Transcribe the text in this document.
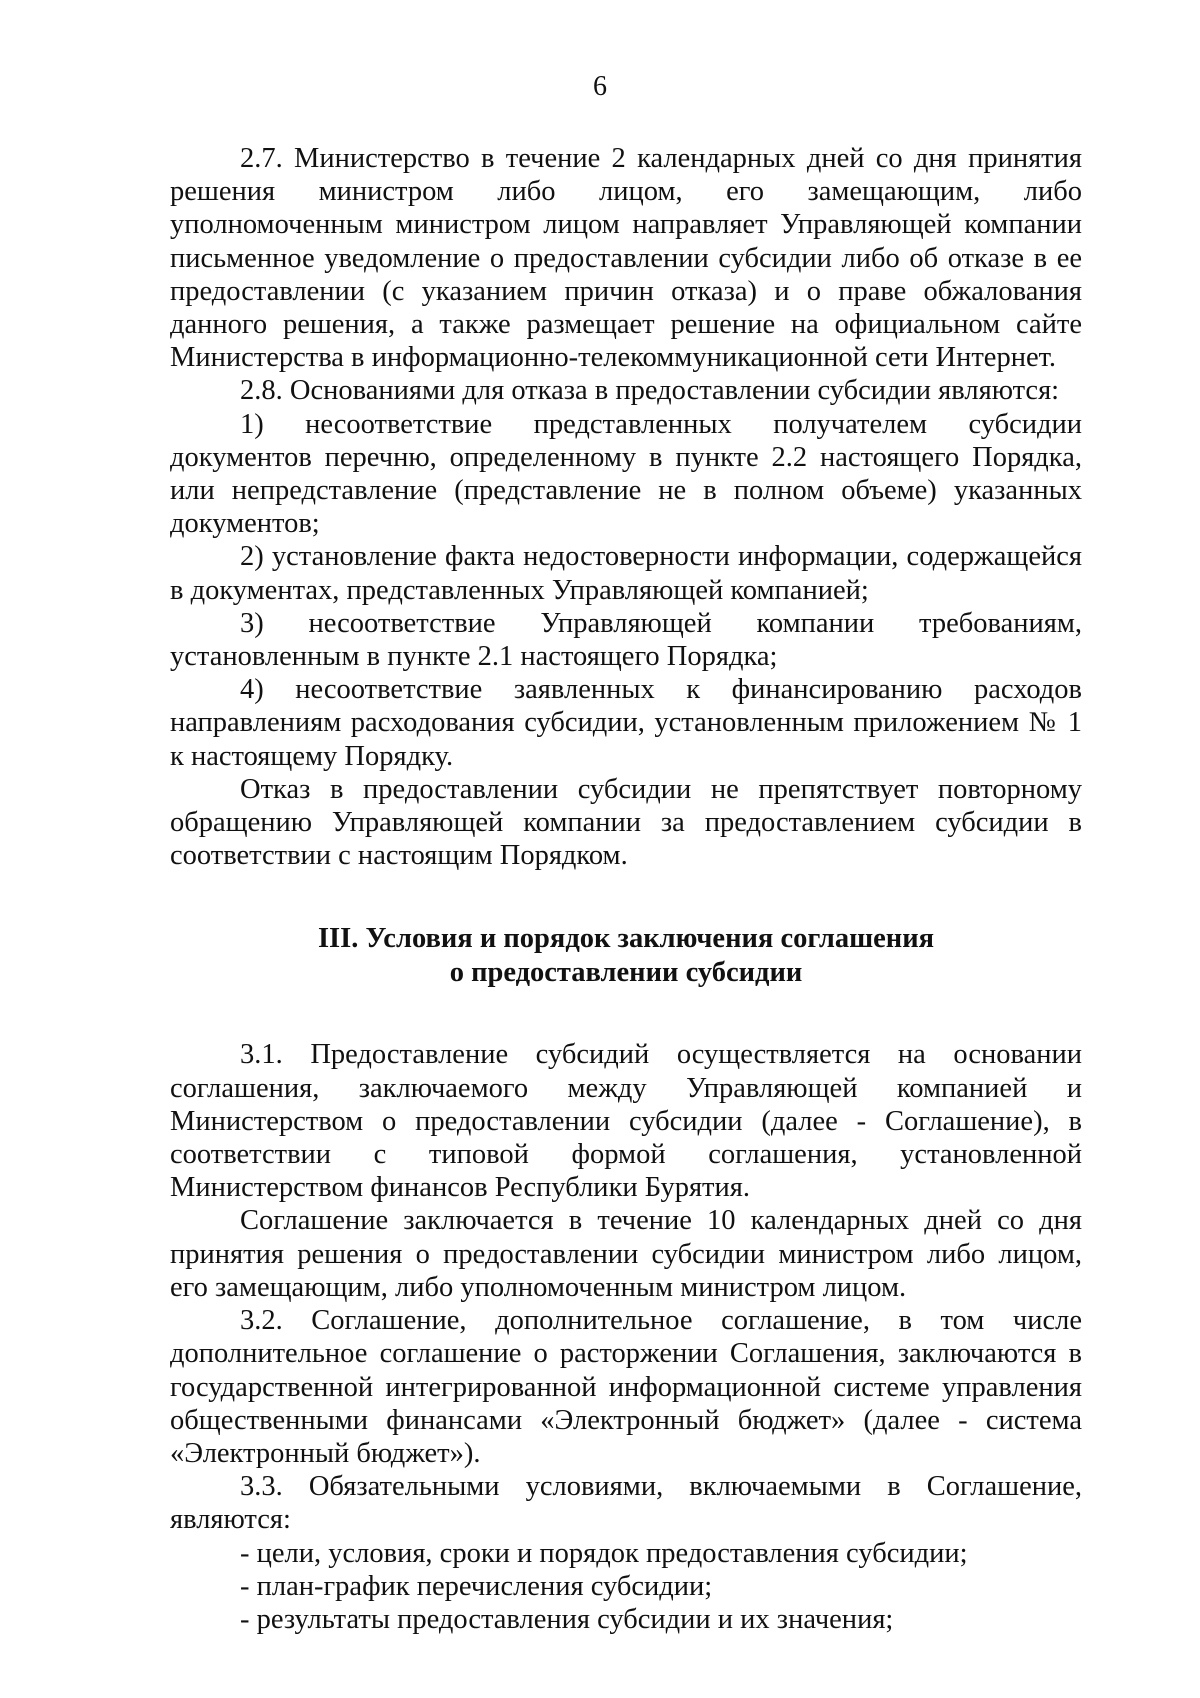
6

2.7. Министерство в течение 2 календарных дней со дня принятия решения министром либо лицом, его замещающим, либо уполномоченным министром лицом направляет Управляющей компании письменное уведомление о предоставлении субсидии либо об отказе в ее предоставлении (с указанием причин отказа) и о праве обжалования данного решения, а также размещает решение на официальном сайте Министерства в информационно-телекоммуникационной сети Интернет.

2.8. Основаниями для отказа в предоставлении субсидии являются:

1) несоответствие представленных получателем субсидии документов перечню, определенному в пункте 2.2 настоящего Порядка, или непредставление (представление не в полном объеме) указанных документов;

2) установление факта недостоверности информации, содержащейся в документах, представленных Управляющей компанией;

3) несоответствие Управляющей компании требованиям, установленным в пункте 2.1 настоящего Порядка;

4) несоответствие заявленных к финансированию расходов направлениям расходования субсидии, установленным приложением № 1 к настоящему Порядку.

Отказ в предоставлении субсидии не препятствует повторному обращению Управляющей компании за предоставлением субсидии в соответствии с настоящим Порядком.

III. Условия и порядок заключения соглашения
о предоставлении субсидии

3.1. Предоставление субсидий осуществляется на основании соглашения, заключаемого между Управляющей компанией и Министерством о предоставлении субсидии (далее - Соглашение), в соответствии с типовой формой соглашения, установленной Министерством финансов Республики Бурятия.

Соглашение заключается в течение 10 календарных дней со дня принятия решения о предоставлении субсидии министром либо лицом, его замещающим, либо уполномоченным министром лицом.

3.2. Соглашение, дополнительное соглашение, в том числе дополнительное соглашение о расторжении Соглашения, заключаются в государственной интегрированной информационной системе управления общественными финансами «Электронный бюджет» (далее - система «Электронный бюджет»).

3.3. Обязательными условиями, включаемыми в Соглашение, являются:

- цели, условия, сроки и порядок предоставления субсидии;

- план-график перечисления субсидии;

- результаты предоставления субсидии и их значения;
